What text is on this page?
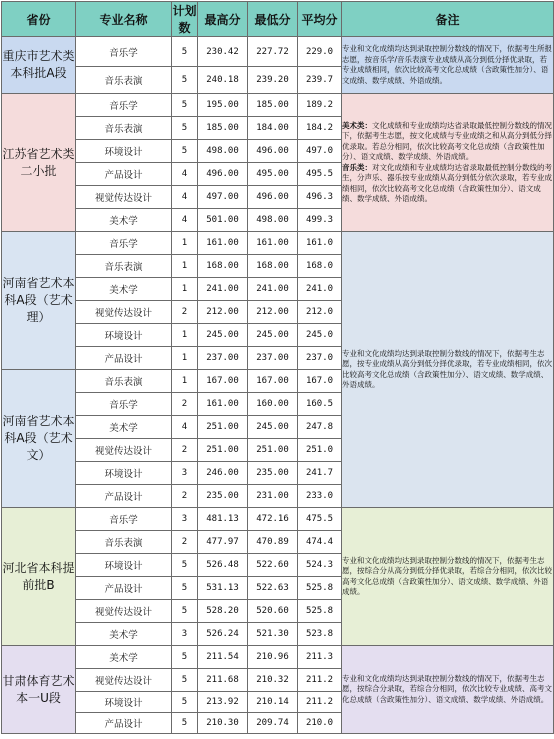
省份	专业名称	计划数	最高分	最低分	平均分	备注
重庆市艺术类本科批A段	音乐学	5	230.42	227.72	229.0	专业和文化成绩均达到录取控制分数线的情况下，依据考生所报志愿，按音乐学/音乐表演专业成绩从高分到低分择优录取，若专业成绩相同，依次比较高考文化总成绩（含政策性加分）、语文成绩、数学成绩、外语成绩。

	音乐表演	5	240.18	239.20	239.7	
江苏省艺术类二小批	音乐学	5	195.00	185.00	189.2	美术类：文化成绩和专业成绩均达省录取最低控制分数线的情况下，依据考生志愿，按文化成绩与专业成绩之和从高分到低分择优录取。若总分相同，依次比较高考文化总成绩（含政策性加分）、语文成绩、数学成绩、外语成绩。

音乐类：对文化成绩和专业成绩均达省录取最低控制分数线的考生，分声乐、器乐按专业成绩从高分到低分依次录取，若专业成绩相同，依次比较高考文化总成绩（含政策性加分）、语文成绩、数学成绩、外语成绩。

	音乐表演	5	185.00	184.00	184.2	
	环境设计	5	498.00	496.00	497.0	
	产品设计	4	496.00	495.00	495.5	
	视觉传达设计	4	497.00	496.00	496.3	
	美术学	4	501.00	498.00	499.3	
河南省艺术本科A段（艺术理）	音乐学	1	161.00	161.00	161.0	专业和文化成绩均达到录取控制分数线的情况下，依据考生志愿，按专业成绩从高分到低分择优录取，若专业成绩相同，依次比较高考文化总成绩（含政策性加分）、语文成绩、数学成绩、外语成绩。

	音乐表演	1	168.00	168.00	168.0	
	美术学	1	241.00	241.00	241.0	
	视觉传达设计	2	212.00	212.00	212.0	
	环境设计	1	245.00	245.00	245.0	
	产品设计	1	237.00	237.00	237.0	
河南省艺术本科A段（艺术文）	音乐表演	1	167.00	167.00	167.0	
	音乐学	2	161.00	160.00	160.5	
	美术学	4	251.00	245.00	247.8	
	视觉传达设计	2	251.00	251.00	251.0	
	环境设计	3	246.00	235.00	241.7	
	产品设计	2	235.00	231.00	233.0	
河北省本科提前批B	音乐学	3	481.13	472.16	475.5	专业和文化成绩均达到录取控制分数线的情况下，依据考生志愿，按综合分从高分到低分择优录取，若综合分相同，依次比较高考文化总成绩（含政策性加分）、语文成绩、数学成绩、外语成绩。

	音乐表演	2	477.97	470.89	474.4	
	环境设计	5	526.48	522.60	524.3	
	产品设计	5	531.13	522.63	525.8	
	视觉传达设计	5	528.20	520.60	525.8	
	美术学	3	526.24	521.30	523.8	
甘肃体育艺术本一U段	美术学	5	211.54	210.96	211.3	专业和文化成绩均达到录取控制分数线的情况下，依据考生志愿，按综合分录取，若综合分相同，依次比较专业成绩、高考文化总成绩（含政策性加分）、语文成绩、数学成绩、外语成绩。

	视觉传达设计	5	211.68	210.32	211.2	
	环境设计	5	213.92	210.14	211.2	
	产品设计	5	210.30	209.74	210.0	
